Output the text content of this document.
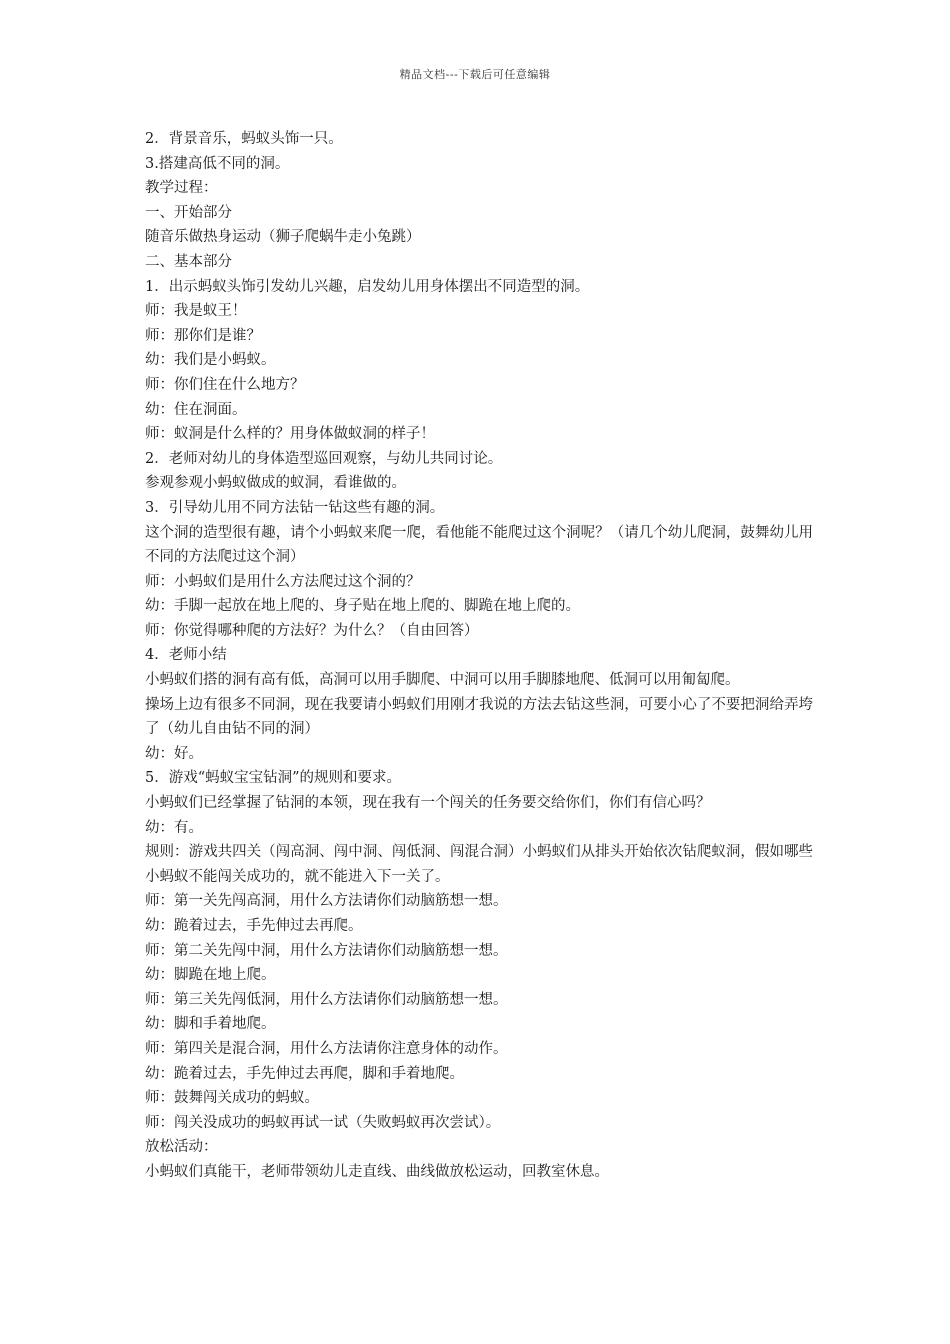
精品文档---下载后可任意编辑

2．背景音乐，蚂蚁头饰一只。

3.搭建高低不同的洞。

教学过程：

一、开始部分

随音乐做热身运动（狮子爬蜗牛走小兔跳）

二、基本部分

1．出示蚂蚁头饰引发幼儿兴趣，启发幼儿用身体摆出不同造型的洞。

师：我是蚁王！

师：那你们是谁？

幼：我们是小蚂蚁。

师：你们住在什么地方？

幼：住在洞面。

师：蚁洞是什么样的？用身体做蚁洞的样子！

2．老师对幼儿的身体造型巡回观察，与幼儿共同讨论。

参观参观小蚂蚁做成的蚁洞，看谁做的。

3．引导幼儿用不同方法钻一钻这些有趣的洞。

这个洞的造型很有趣，请个小蚂蚁来爬一爬，看他能不能爬过这个洞呢？（请几个幼儿爬洞，鼓舞幼儿用不同的方法爬过这个洞）

师：小蚂蚁们是用什么方法爬过这个洞的？

幼：手脚一起放在地上爬的、身子贴在地上爬的、脚跪在地上爬的。

师：你觉得哪种爬的方法好？为什么？（自由回答）

4．老师小结

小蚂蚁们搭的洞有高有低，高洞可以用手脚爬、中洞可以用手脚膝地爬、低洞可以用匍匐爬。

操场上边有很多不同洞，现在我要请小蚂蚁们用刚才我说的方法去钻这些洞，可要小心了不要把洞给弄垮了（幼儿自由钻不同的洞）

幼：好。

5．游戏“蚂蚁宝宝钻洞”的规则和要求。

小蚂蚁们已经掌握了钻洞的本领，现在我有一个闯关的任务要交给你们，你们有信心吗？

幼：有。

规则：游戏共四关（闯高洞、闯中洞、闯低洞、闯混合洞）小蚂蚁们从排头开始依次钻爬蚁洞，假如哪些小蚂蚁不能闯关成功的，就不能进入下一关了。

师：第一关先闯高洞，用什么方法请你们动脑筋想一想。

幼：跪着过去，手先伸过去再爬。

师：第二关先闯中洞，用什么方法请你们动脑筋想一想。

幼：脚跪在地上爬。

师：第三关先闯低洞，用什么方法请你们动脑筋想一想。

幼：脚和手着地爬。

师：第四关是混合洞，用什么方法请你注意身体的动作。

幼：跪着过去，手先伸过去再爬，脚和手着地爬。

师：鼓舞闯关成功的蚂蚁。

师：闯关没成功的蚂蚁再试一试（失败蚂蚁再次尝试）。

放松活动：

小蚂蚁们真能干，老师带领幼儿走直线、曲线做放松运动，回教室休息。
